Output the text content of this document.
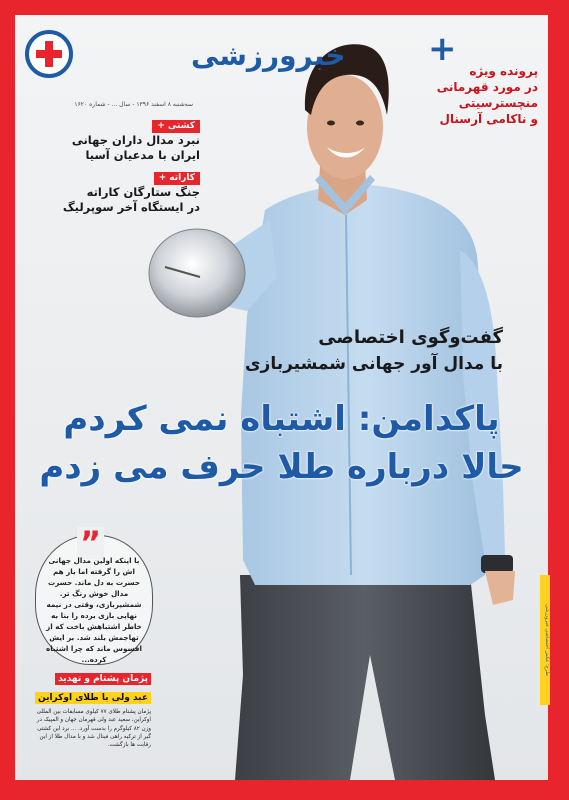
خبرورزشی
سه‌شنبه ۸ اسفند ۱۳۹۶ - سال ... - شماره ۱۶۲۰
کشتی
+
نبرد مدال داران جهانی
ایران با مدعیان آسیا
کاراته
+
جنگ ستارگان کاراته
در ایستگاه آخر سوپرلیگ
+
پرونده ویژه
در مورد قهرمانی
منچسترسیتی
و ناکامی آرسنال
گفت‌وگوی اختصاصی
با مدال آور جهانی شمشیربازی
پاکدامن: اشتباه نمی کردم
حالا درباره طلا حرف می زدم
”
با اینکه اولین مدال جهانی اش را گرفته اما بار هم حسرت به دل ماند. حسرت مدال خوش رنگ تر. شمشیربازی، وقتی در نیمه نهایی بازی برده را بنا به خاطر اشتباهش باخت که از تهاجمش بلند شد. بر ایش افسوس ماند که چرا اشتباه کرده...
پژمان پشتام و تهدید
عبد ولی با طلای اوکراین
پژمان پشتام طلای ۷۷ کیلوی مسابقات بین المللی اوکراین، سعید عبد ولی قهرمان جهان و المپیک در وزن ۸۲ کیلوگرم را بدست آورد. ... برد این کشتی گیر از ترکیه راهی فینال شد و با مدال طلا از این رقابت ها بازگشت.
طرح: عکس اختصاصی خبرورزشی
